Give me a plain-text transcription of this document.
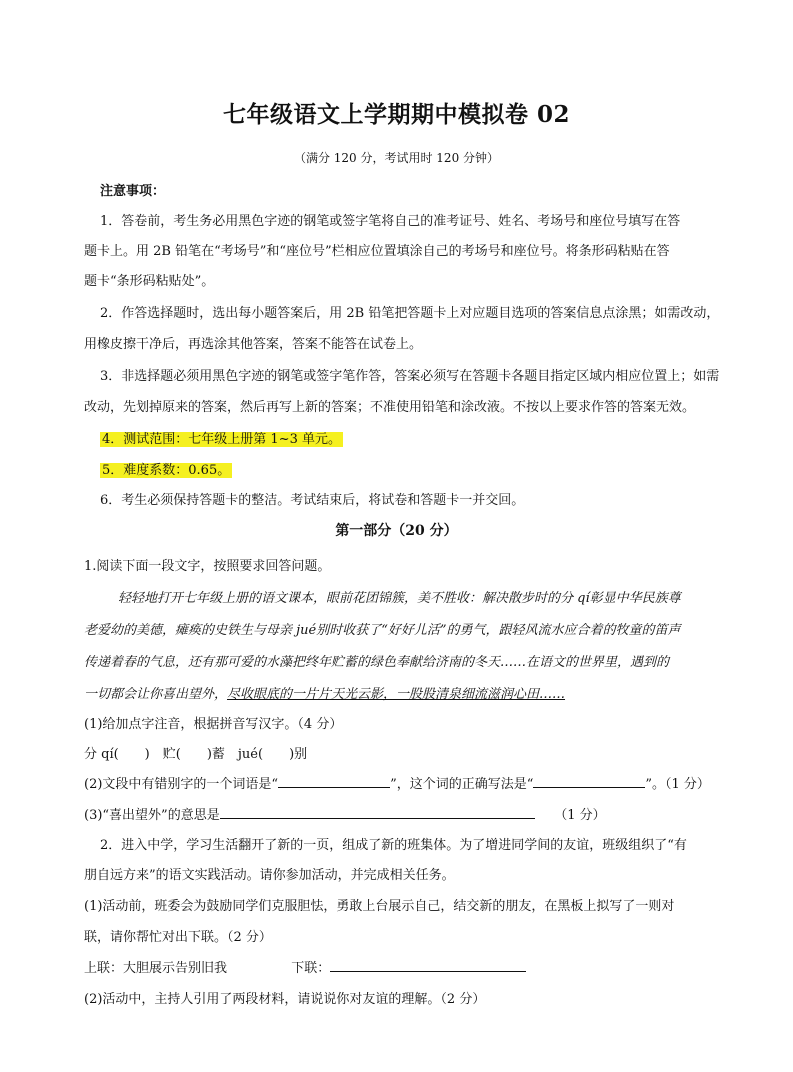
七年级语文上学期期中模拟卷 02
（满分 120 分，考试用时 120 分钟）
注意事项：
1．答卷前，考生务必用黑色字迹的钢笔或签字笔将自己的准考证号、姓名、考场号和座位号填写在答
题卡上。用 2B 铅笔在“考场号”和“座位号”栏相应位置填涂自己的考场号和座位号。将条形码粘贴在答
题卡“条形码粘贴处”。
2．作答选择题时，选出每小题答案后，用 2B 铅笔把答题卡上对应题目选项的答案信息点涂黑；如需改动，
用橡皮擦干净后，再选涂其他答案，答案不能答在试卷上。
3．非选择题必须用黑色字迹的钢笔或签字笔作答，答案必须写在答题卡各题目指定区域内相应位置上；如需
改动，先划掉原来的答案，然后再写上新的答案；不准使用铅笔和涂改液。不按以上要求作答的答案无效。
4．测试范围：七年级上册第 1~3 单元。
5．难度系数：0.65。
6．考生必须保持答题卡的整洁。考试结束后，将试卷和答题卡一并交回。
第一部分（20 分）
1.阅读下面一段文字，按照要求回答问题。
轻轻地打开七年级上册的语文课本，眼前花团锦簇，美不胜收：解决散步时的分 qí彰显中华民族尊
老爱幼的美德，瘫痪的史铁生与母亲 jué别时收获了“好好儿活”的勇气，跟轻风流水应合着的牧童的笛声
传递着春的气息，还有那可爱的水藻把终年贮蓄的绿色奉献给济南的冬天……在语文的世界里，遇到的
一切都会让你喜出望外，尽收眼底的一片片天光云影，一股股清泉细流滋润心田……
(1)给加点字注音，根据拼音写汉字。（4 分）
分 qí(　　)　贮(　　)蓄　jué(　　)别
(2)文段中有错别字的一个词语是“	”，这个词的正确写法是“	”。（1 分）
(3)“喜出望外”的意思是　　	（1 分）
2．进入中学，学习生活翻开了新的一页，组成了新的班集体。为了增进同学间的友谊，班级组织了“有
朋自远方来”的语文实践活动。请你参加活动，并完成相关任务。
(1)活动前，班委会为鼓励同学们克服胆怯，勇敢上台展示自己，结交新的朋友，在黑板上拟写了一则对
联，请你帮忙对出下联。（2 分）
上联：大胆展示告别旧我	下联：
(2)活动中，主持人引用了两段材料，请说说你对友谊的理解。（2 分）
